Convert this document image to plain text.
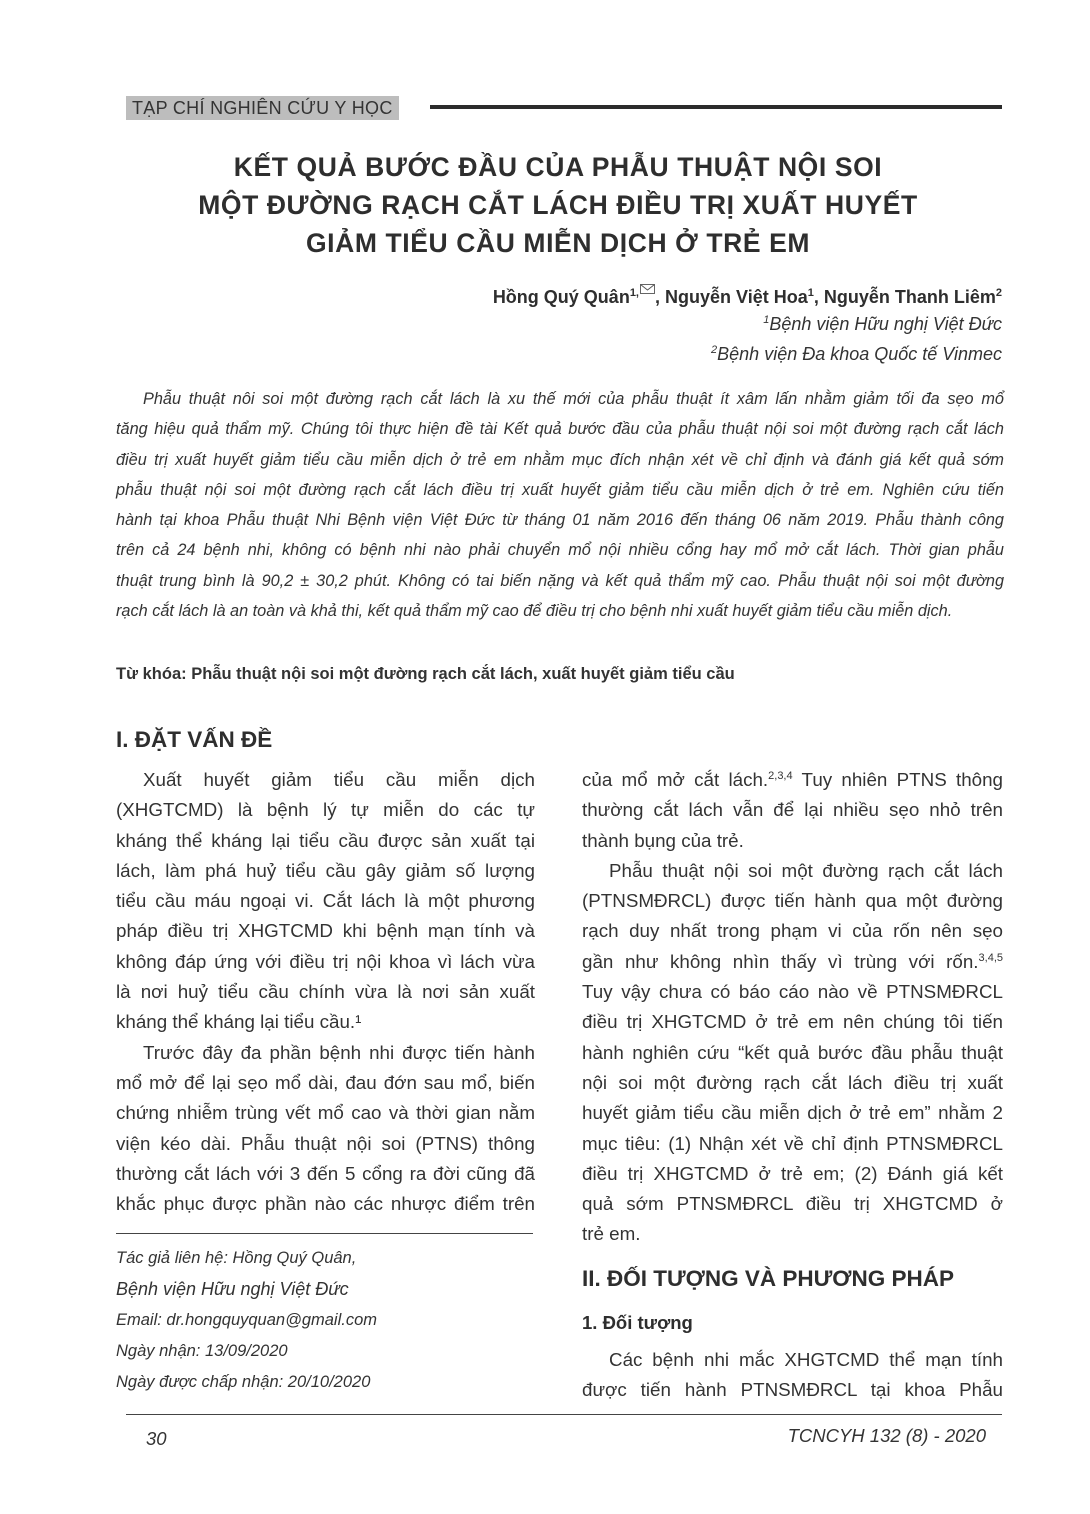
TẠP CHÍ NGHIÊN CỨU Y HỌC
KẾT QUẢ BƯỚC ĐẦU CỦA PHẪU THUẬT NỘI SOI
MỘT ĐƯỜNG RẠCH CẮT LÁCH ĐIỀU TRỊ XUẤT HUYẾT
GIẢM TIỂU CẦU MIỄN DỊCH Ở TRẺ EM
Hồng Quý Quân$^{1,}$ , Nguyễn Việt Hoa$^1$, Nguyễn Thanh Liêm$^2$
$^1$Bệnh viện Hữu nghị Việt Đức
$^2$Bệnh viện Đa khoa Quốc tế Vinmec
Phẫu thuật nôi soi một đường rạch cắt lách là xu thế mới của phẫu thuật ít xâm lấn nhằm giảm tối đa sẹo mổ
tăng hiệu quả thẩm mỹ. Chúng tôi thực hiện đề tài Kết quả bước đầu của phẫu thuật nội soi một đường rạch cắt lách
điều trị xuất huyết giảm tiểu cầu miễn dịch ở trẻ em nhằm mục đích nhận xét về chỉ định và đánh giá kết quả sớm
phẫu thuật nội soi một đường rạch cắt lách điều trị xuất huyết giảm tiểu cầu miễn dịch ở trẻ em. Nghiên cứu tiến
hành tại khoa Phẫu thuật Nhi Bệnh viện Việt Đức từ tháng 01 năm 2016 đến tháng 06 năm 2019. Phẫu thành công
trên cả 24 bệnh nhi, không có bệnh nhi nào phải chuyển mổ nội nhiều cổng hay mổ mở cắt lách. Thời gian phẫu
thuật trung bình là 90,2 ± 30,2 phút. Không có tai biến nặng và kết quả thẩm mỹ cao. Phẫu thuật nội soi một đường
rạch cắt lách là an toàn và khả thi, kết quả thẩm mỹ cao để điều trị cho bệnh nhi xuất huyết giảm tiểu cầu miễn dịch.
Từ khóa: Phẫu thuật nội soi một đường rạch cắt lách, xuất huyết giảm tiểu cầu
I. ĐẶT VẤN ĐỀ
Xuất huyết giảm tiểu cầu miễn dịch
(XHGTCMD) là bệnh lý tự miễn do các tự
kháng thể kháng lại tiểu cầu được sản xuất tại
lách, làm phá huỷ tiểu cầu gây giảm số lượng
tiểu cầu máu ngoại vi. Cắt lách là một phương
pháp điều trị XHGTCMD khi bệnh mạn tính và
không đáp ứng với điều trị nội khoa vì lách vừa
là nơi huỷ tiểu cầu chính vừa là nơi sản xuất
kháng thể kháng lại tiểu cầu.¹
Trước đây đa phần bệnh nhi được tiến hành
mổ mở để lại sẹo mổ dài, đau đớn sau mổ, biến
chứng nhiễm trùng vết mổ cao và thời gian nằm
viện kéo dài. Phẫu thuật nội soi (PTNS) thông
thường cắt lách với 3 đến 5 cổng ra đời cũng đã
khắc phục được phần nào các nhược điểm trên
của mổ mở cắt lách.$^{2,3,4}$ Tuy nhiên PTNS thông
thường cắt lách vẫn để lại nhiều sẹo nhỏ trên
thành bụng của trẻ.
Phẫu thuật nội soi một đường rạch cắt lách
(PTNSMĐRCL) được tiến hành qua một đường
rạch duy nhất trong phạm vi của rốn nên sẹo
gần như không nhìn thấy vì trùng với rốn.$^{3,4,5}$
Tuy vậy chưa có báo cáo nào về PTNSMĐRCL
điều trị XHGTCMD ở trẻ em nên chúng tôi tiến
hành nghiên cứu “kết quả bước đầu phẫu thuật
nội soi một đường rạch cắt lách điều trị xuất
huyết giảm tiểu cầu miễn dịch ở trẻ em” nhằm 2
mục tiêu: (1) Nhận xét về chỉ định PTNSMĐRCL
điều trị XHGTCMD ở trẻ em; (2) Đánh giá kết
quả sớm PTNSMĐRCL điều trị XHGTCMD ở
trẻ em.
II. ĐỐI TƯỢNG VÀ PHƯƠNG PHÁP
1. Đối tượng
Các bệnh nhi mắc XHGTCMD thể mạn tính
được tiến hành PTNSMĐRCL tại khoa Phẫu
Tác giả liên hệ: Hồng Quý Quân,
Bệnh viện Hữu nghị Việt Đức
Email: dr.hongquyquan@gmail.com
Ngày nhận: 13/09/2020
Ngày được chấp nhận: 20/10/2020
30	TCNCYH 132 (8) - 2020
